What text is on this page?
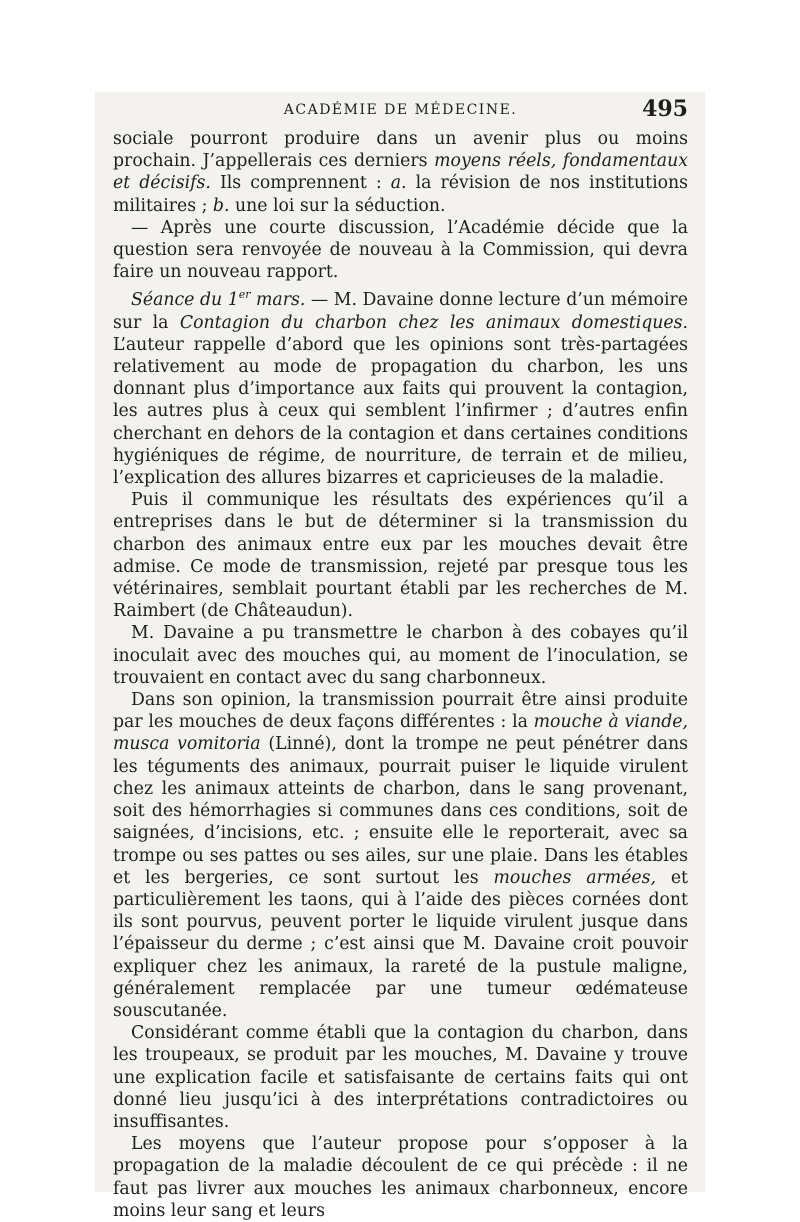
ACADÉMIE DE MÉDECINE.	495

sociale pourront produire dans un avenir plus ou moins prochain. J’appellerais ces derniers moyens réels, fondamentaux et décisifs. Ils comprennent : a. la révision de nos institutions militaires ; b. une loi sur la séduction.

— Après une courte discussion, l’Académie décide que la question sera renvoyée de nouveau à la Commission, qui devra faire un nouveau rapport.

Séance du 1er mars. — M. Davaine donne lecture d’un mémoire sur la Contagion du charbon chez les animaux domestiques. L’auteur rappelle d’abord que les opinions sont très-partagées relativement au mode de propagation du charbon, les uns donnant plus d’importance aux faits qui prouvent la contagion, les autres plus à ceux qui semblent l’infirmer ; d’autres enfin cherchant en dehors de la contagion et dans certaines conditions hygiéniques de régime, de nourriture, de terrain et de milieu, l’explication des allures bizarres et capricieuses de la maladie.

Puis il communique les résultats des expériences qu’il a entreprises dans le but de déterminer si la transmission du charbon des animaux entre eux par les mouches devait être admise. Ce mode de transmission, rejeté par presque tous les vétérinaires, semblait pourtant établi par les recherches de M. Raimbert (de Châteaudun).

M. Davaine a pu transmettre le charbon à des cobayes qu’il inoculait avec des mouches qui, au moment de l’inoculation, se trouvaient en contact avec du sang charbonneux.

Dans son opinion, la transmission pourrait être ainsi produite par les mouches de deux façons différentes : la mouche à viande, musca vomitoria (Linné), dont la trompe ne peut pénétrer dans les téguments des animaux, pourrait puiser le liquide virulent chez les animaux atteints de charbon, dans le sang provenant, soit des hémorrhagies si communes dans ces conditions, soit de saignées, d’incisions, etc. ; ensuite elle le reporterait, avec sa trompe ou ses pattes ou ses ailes, sur une plaie. Dans les étables et les bergeries, ce sont surtout les mouches armées, et particulièrement les taons, qui à l’aide des pièces cornées dont ils sont pourvus, peuvent porter le liquide virulent jusque dans l’épaisseur du derme ; c’est ainsi que M. Davaine croit pouvoir expliquer chez les animaux, la rareté de la pustule maligne, généralement remplacée par une tumeur œdémateuse souscutanée.

Considérant comme établi que la contagion du charbon, dans les troupeaux, se produit par les mouches, M. Davaine y trouve une explication facile et satisfaisante de certains faits qui ont donné lieu jusqu’ici à des interprétations contradictoires ou insuffisantes.

Les moyens que l’auteur propose pour s’opposer à la propagation de la maladie découlent de ce qui précède : il ne faut pas livrer aux mouches les animaux charbonneux, encore moins leur sang et leurs
